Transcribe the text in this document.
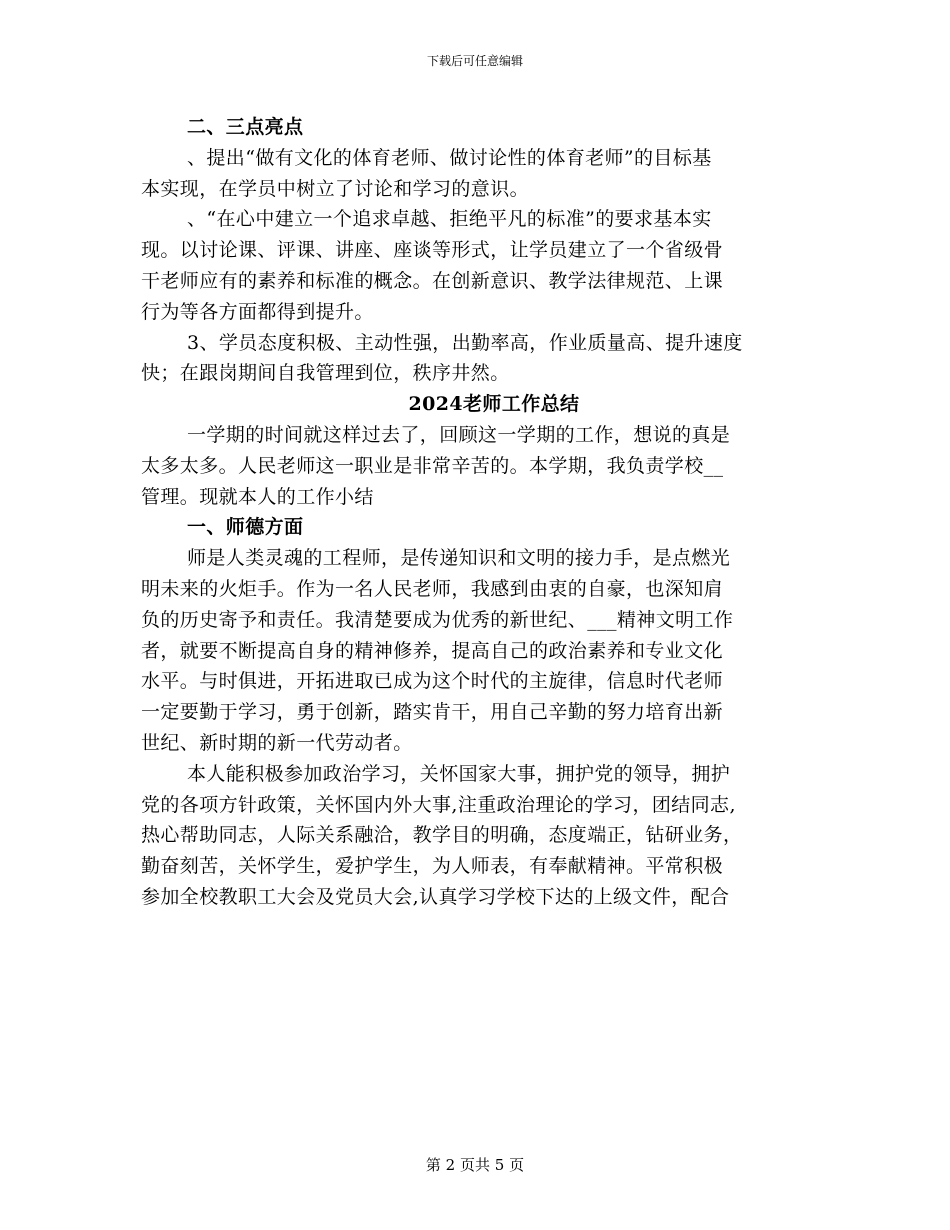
下载后可任意编辑
二、三点亮点
、提出“做有文化的体育老师、做讨论性的体育老师”的目标基
本实现，在学员中树立了讨论和学习的意识。
、“在心中建立一个追求卓越、拒绝平凡的标准”的要求基本实
现。以讨论课、评课、讲座、座谈等形式，让学员建立了一个省级骨
干老师应有的素养和标准的概念。在创新意识、教学法律规范、上课
行为等各方面都得到提升。
3、学员态度积极、主动性强，出勤率高，作业质量高、提升速度
快；在跟岗期间自我管理到位，秩序井然。
2024老师工作总结
一学期的时间就这样过去了，回顾这一学期的工作，想说的真是
太多太多。人民老师这一职业是非常辛苦的。本学期，我负责学校__
管理。现就本人的工作小结
一、师德方面
师是人类灵魂的工程师，是传递知识和文明的接力手，是点燃光
明未来的火炬手。作为一名人民老师，我感到由衷的自豪，也深知肩
负的历史寄予和责任。我清楚要成为优秀的新世纪、___精神文明工作
者，就要不断提高自身的精神修养，提高自己的政治素养和专业文化
水平。与时俱进，开拓进取已成为这个时代的主旋律，信息时代老师
一定要勤于学习，勇于创新，踏实肯干，用自己辛勤的努力培育出新
世纪、新时期的新一代劳动者。
本人能积极参加政治学习，关怀国家大事，拥护党的领导，拥护
党的各项方针政策，关怀国内外大事,注重政治理论的学习，团结同志,
热心帮助同志，人际关系融洽，教学目的明确，态度端正，钻研业务，
勤奋刻苦，关怀学生，爱护学生，为人师表，有奉献精神。平常积极
参加全校教职工大会及党员大会,认真学习学校下达的上级文件，配合
第 2 页共 5 页
